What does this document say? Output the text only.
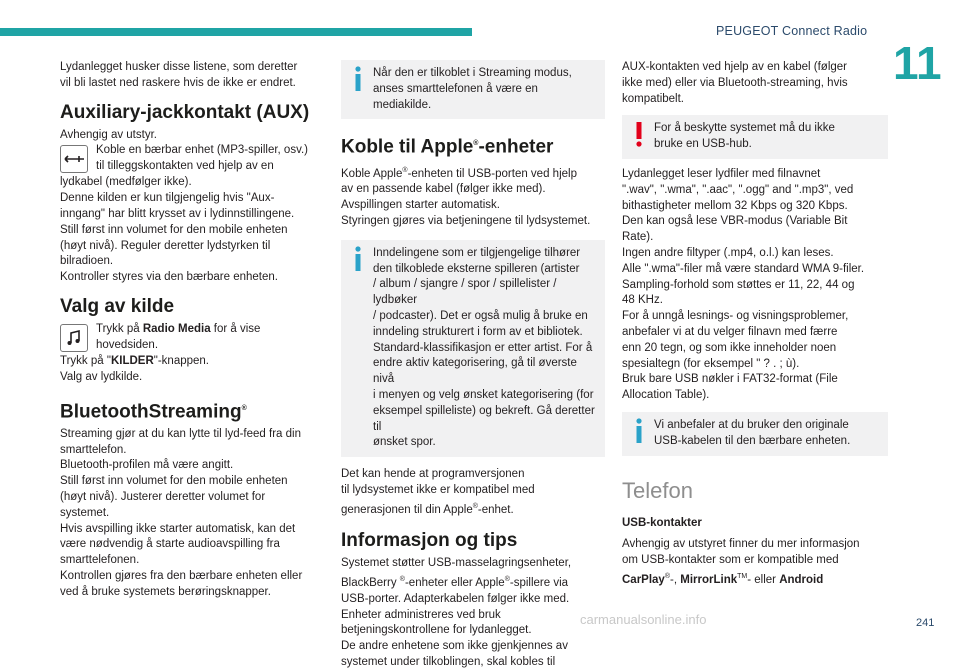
PEUGEOT Connect Radio
11
carmanualsonline.info	241

Lydanlegget husker disse listene, som deretter
vil bli lastet ned raskere hvis de ikke er endret.

Auxiliary-jackkontakt (AUX)

Avhengig av utstyr.

Koble en bærbar enhet (MP3-spiller, osv.)
til tilleggskontakten ved hjelp av en

lydkabel (medfølger ikke).
Denne kilden er kun tilgjengelig hvis "Aux-
inngang" har blitt krysset av i lydinnstillingene.
Still først inn volumet for den mobile enheten
(høyt nivå). Reguler deretter lydstyrken til
bilradioen.
Kontroller styres via den bærbare enheten.

Valg av kilde

Trykk på Radio Media for å vise
hovedsiden.

Trykk på "KILDER"-knappen.

Valg av lydkilde.

BluetoothStreaming®

Streaming gjør at du kan lytte til lyd-feed fra din
smarttelefon.
Bluetooth-profilen må være angitt.
Still først inn volumet for den mobile enheten
(høyt nivå). Justerer deretter volumet for
systemet.
Hvis avspilling ikke starter automatisk, kan det
være nødvendig å starte audioavspilling fra
smarttelefonen.
Kontrollen gjøres fra den bærbare enheten eller
ved å bruke systemets berøringsknapper.

Når den er tilkoblet i Streaming modus,
anses smarttelefonen å være en
mediakilde.

Koble til Apple®-enheter

Koble Apple®-enheten til USB-porten ved hjelp
av en passende kabel (følger ikke med).
Avspillingen starter automatisk.
Styringen gjøres via betjeningene til lydsystemet.

Inndelingene som er tilgjengelige tilhører
den tilkoblede eksterne spilleren (artister
/ album / sjangre / spor / spillelister / lydbøker
/ podcaster). Det er også mulig å bruke en
inndeling strukturert i form av et bibliotek.
Standard-klassifikasjon er etter artist. For å
endre aktiv kategorisering, gå til øverste nivå
i menyen og velg ønsket kategorisering (for
eksempel spilleliste) og bekreft. Gå deretter til
ønsket spor.

Det kan hende at programversjonen
til lydsystemet ikke er kompatibel med
generasjonen til din Apple®-enhet.

Informasjon og tips

Systemet støtter USB-masselagringsenheter,
BlackBerry ®-enheter eller Apple®-spillere via
USB-porter. Adapterkabelen følger ikke med.
Enheter administreres ved bruk
betjeningskontrollene for lydanlegget.
De andre enhetene som ikke gjenkjennes av
systemet under tilkoblingen, skal kobles til

AUX-kontakten ved hjelp av en kabel (følger
ikke med) eller via Bluetooth-streaming, hvis
kompatibelt.

For å beskytte systemet må du ikke
bruke en USB-hub.

Lydanlegget leser lydfiler med filnavnet
".wav", ".wma", ".aac", ".ogg" and ".mp3", ved
bithastigheter mellom 32 Kbps og 320 Kbps.
Den kan også lese VBR-modus (Variable Bit
Rate).
Ingen andre filtyper (.mp4, o.l.) kan leses.
Alle ".wma"-filer må være standard WMA 9-filer.
Sampling-forhold som støttes er 11, 22, 44 og
48 KHz.
For å unngå lesnings- og visningsproblemer,
anbefaler vi at du velger filnavn med færre
enn 20 tegn, og som ikke inneholder noen
spesialtegn (for eksempel " ? . ; ù).
Bruk bare USB nøkler i FAT32-format (File
Allocation Table).

Vi anbefaler at du bruker den originale
USB-kabelen til den bærbare enheten.

Telefon
USB-kontakter

Avhengig av utstyret finner du mer informasjon
om USB-kontakter som er kompatible med

CarPlay®-, MirrorLink™- eller Android
